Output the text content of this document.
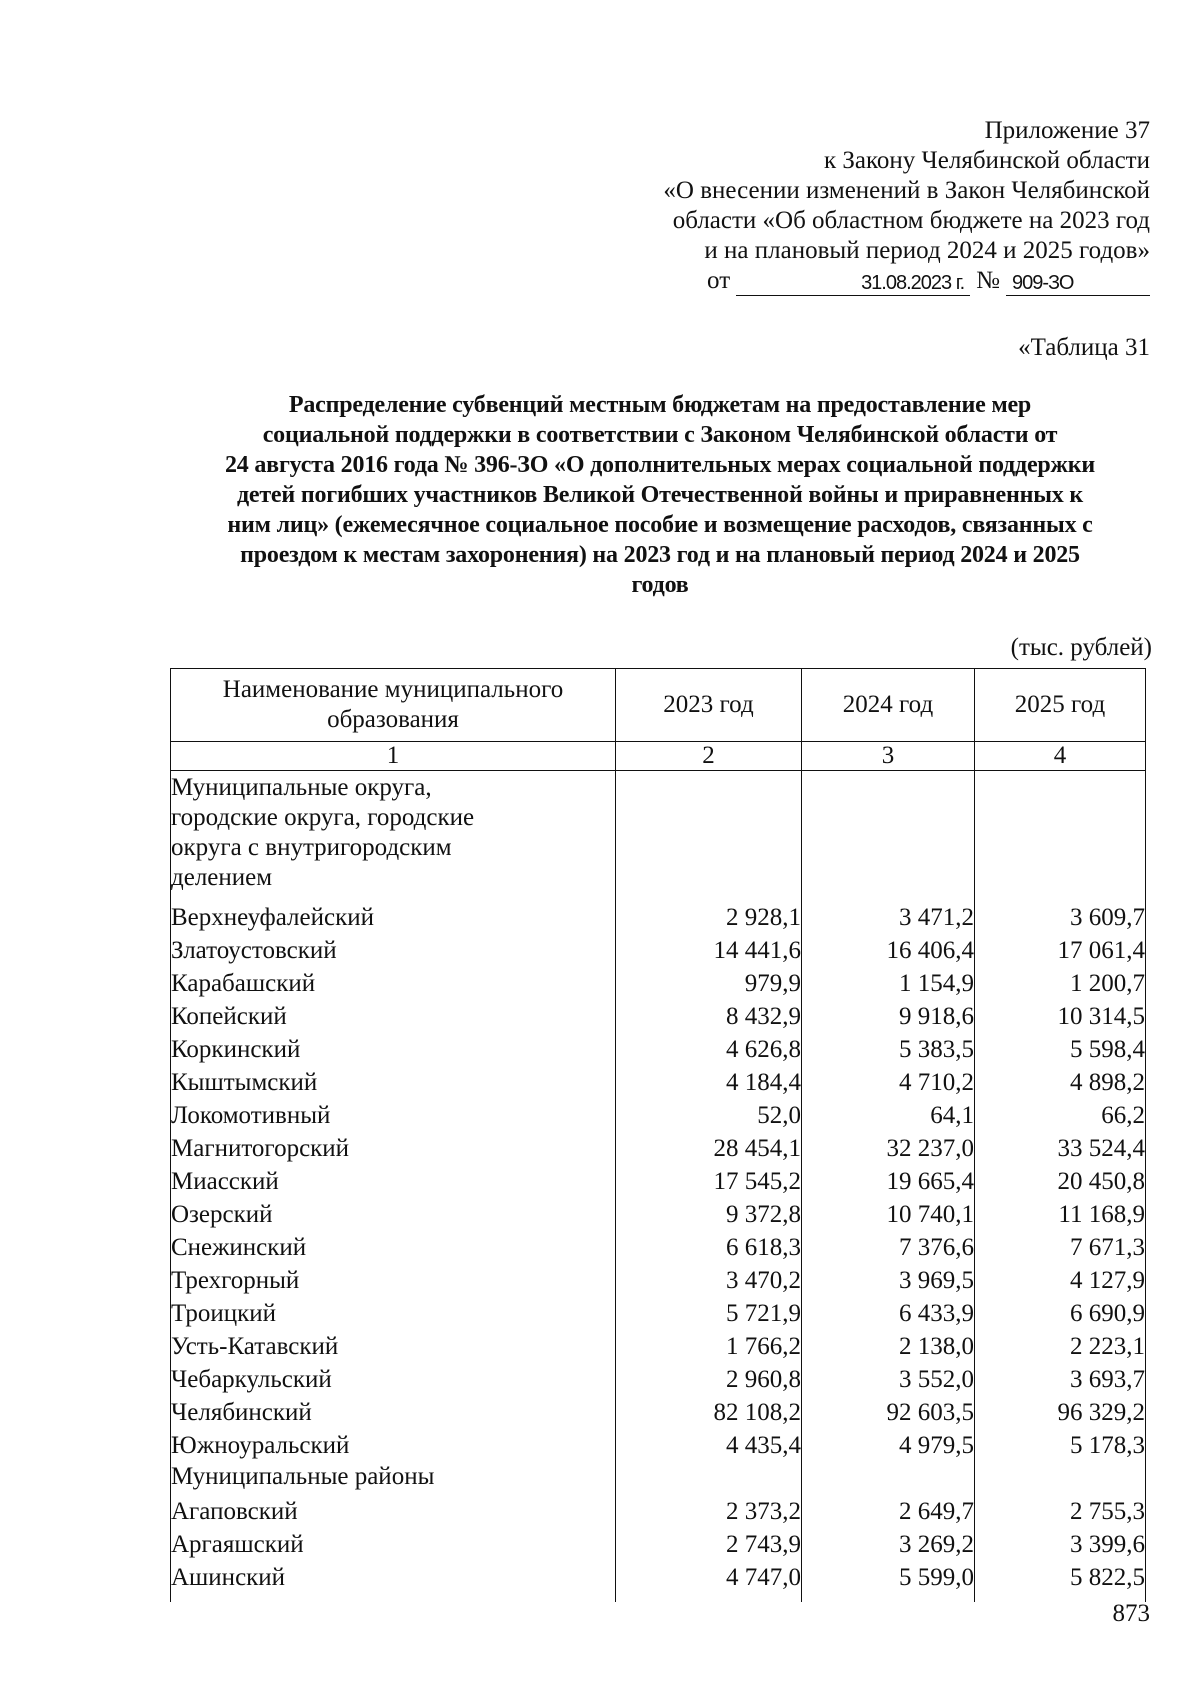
Приложение 37
к Закону Челябинской области
«О внесении изменений в Закон Челябинской
области «Об областном бюджете на 2023 год
и на плановый период 2024 и 2025 годов»
от	31.08.2023 г. № 909-ЗО
«Таблица 31
Распределение субвенций местным бюджетам на предоставление мер
социальной поддержки в соответствии с Законом Челябинской области от
24 августа 2016 года № 396-ЗО «О дополнительных мерах социальной поддержки
детей погибших участников Великой Отечественной войны и приравненных к
ним лиц» (ежемесячное социальное пособие и возмещение расходов, связанных с
проездом к местам захоронения) на 2023 год и на плановый период 2024 и 2025
годов
(тыс. рублей)
Наименование муниципального образования	2023 год	2024 год	2025 год
1	2	3	4

Муниципальные округа,
городские округа, городские
округа с внутригородским
делением			

Верхнеуфалейский	2 928,1	3 471,2	3 609,7
Златоустовский	14 441,6	16 406,4	17 061,4
Карабашский	979,9	1 154,9	1 200,7
Копейский	8 432,9	9 918,6	10 314,5
Коркинский	4 626,8	5 383,5	5 598,4
Кыштымский	4 184,4	4 710,2	4 898,2
Локомотивный	52,0	64,1	66,2
Магнитогорский	28 454,1	32 237,0	33 524,4
Миасский	17 545,2	19 665,4	20 450,8
Озерский	9 372,8	10 740,1	11 168,9
Снежинский	6 618,3	7 376,6	7 671,3
Трехгорный	3 470,2	3 969,5	4 127,9
Троицкий	5 721,9	6 433,9	6 690,9
Усть-Катавский	1 766,2	2 138,0	2 223,1
Чебаркульский	2 960,8	3 552,0	3 693,7
Челябинский	82 108,2	92 603,5	96 329,2
Южноуральский	4 435,4	4 979,5	5 178,3
Муниципальные районы			
Агаповский	2 373,2	2 649,7	2 755,3
Аргаяшский	2 743,9	3 269,2	3 399,6
Ашинский	4 747,0	5 599,0	5 822,5

873
